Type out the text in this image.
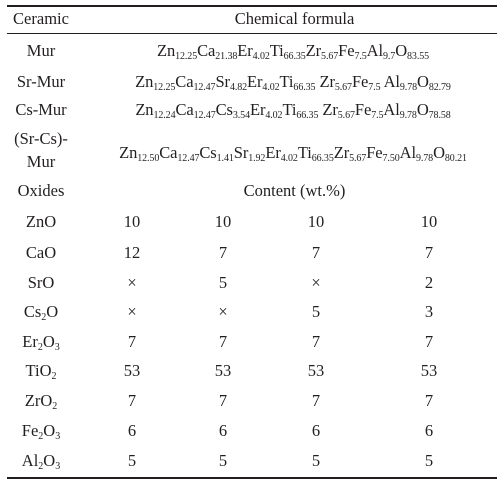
Ceramic	Chemical formula
Mur	$Zn_{12.25}Ca_{21.38}Er_{4.02}Ti_{66.35}Zr_{5.67}Fe_{7.5}Al_{9.7}O_{83.55}$
Sr-Mur	$Zn_{12.25}Ca_{12.47}Sr_{4.82}Er_{4.02}Ti_{66.35}$ $Zr_{5.67}Fe_{7.5}$ $Al_{9.78}O_{82.79}$
Cs-Mur	$Zn_{12.24}Ca_{12.47}Cs_{3.54}Er_{4.02}Ti_{66.35}$ $Zr_{5.67}Fe_{7.5}Al_{9.78}O_{78.58}$
(Sr-Cs)-
Mur	$Zn_{12.50}Ca_{12.47}Cs_{1.41}Sr_{1.92}Er_{4.02}Ti_{66.35}Zr_{5.67}Fe_{7.50}Al_{9.78}O_{80.21}$
Oxides	Content (wt.%)
ZnO	10	10	10	10
CaO	12	7	7	7
SrO	×	5	×	2
$Cs_2O$	×	×	5	3
$Er_2O_3$	7	7	7	7
TiO$_2$	53	53	53	53
ZrO$_2$	7	7	7	7
$Fe_2O_3$	6	6	6	6
$Al_2O_3$	5	5	5	5
